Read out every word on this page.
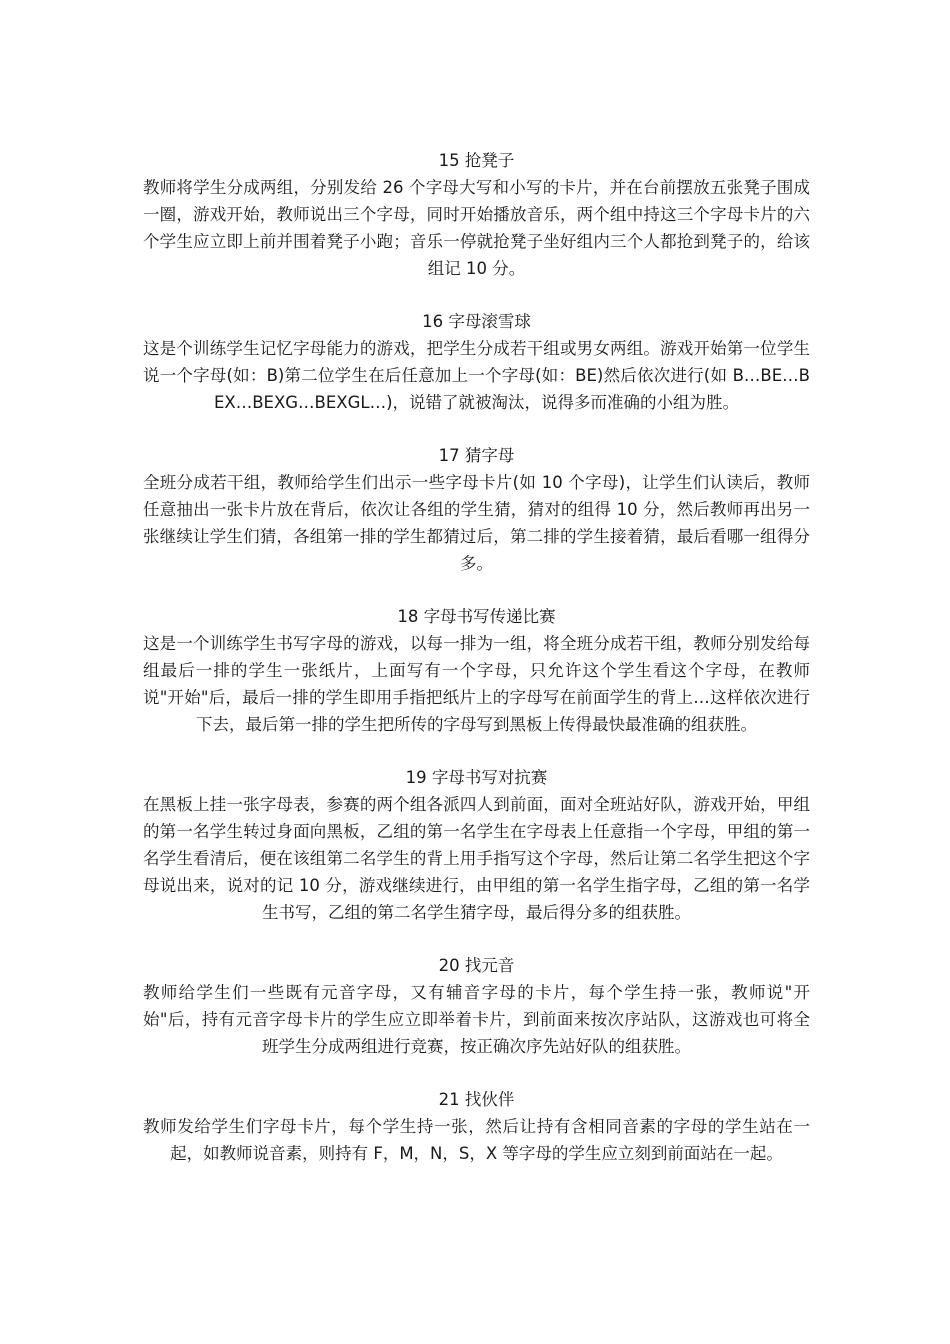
15 抢凳子

教师将学生分成两组，分别发给 26 个字母大写和小写的卡片，并在台前摆放五张凳子围成一圈，游戏开始，教师说出三个字母，同时开始播放音乐，两个组中持这三个字母卡片的六个学生应立即上前并围着凳子小跑；音乐一停就抢凳子坐好组内三个人都抢到凳子的，给该组记 10 分。

16 字母滚雪球

这是个训练学生记忆字母能力的游戏，把学生分成若干组或男女两组。游戏开始第一位学生说一个字母(如：B)第二位学生在后任意加上一个字母(如：BE)然后依次进行(如 B…BE…BEX…BEXG…BEXGL…)，说错了就被淘汰，说得多而准确的小组为胜。

17 猜字母

全班分成若干组，教师给学生们出示一些字母卡片(如 10 个字母)，让学生们认读后，教师任意抽出一张卡片放在背后，依次让各组的学生猜，猜对的组得 10 分，然后教师再出另一张继续让学生们猜，各组第一排的学生都猜过后，第二排的学生接着猜，最后看哪一组得分多。

18 字母书写传递比赛

这是一个训练学生书写字母的游戏，以每一排为一组，将全班分成若干组，教师分别发给每组最后一排的学生一张纸片，上面写有一个字母，只允许这个学生看这个字母，在教师说"开始"后，最后一排的学生即用手指把纸片上的字母写在前面学生的背上…这样依次进行下去，最后第一排的学生把所传的字母写到黑板上传得最快最准确的组获胜。

19 字母书写对抗赛

在黑板上挂一张字母表，参赛的两个组各派四人到前面，面对全班站好队，游戏开始，甲组的第一名学生转过身面向黑板，乙组的第一名学生在字母表上任意指一个字母，甲组的第一名学生看清后，便在该组第二名学生的背上用手指写这个字母，然后让第二名学生把这个字母说出来，说对的记 10 分，游戏继续进行，由甲组的第一名学生指字母，乙组的第一名学生书写，乙组的第二名学生猜字母，最后得分多的组获胜。

20 找元音

教师给学生们一些既有元音字母，又有辅音字母的卡片，每个学生持一张，教师说"开始"后，持有元音字母卡片的学生应立即举着卡片，到前面来按次序站队，这游戏也可将全班学生分成两组进行竞赛，按正确次序先站好队的组获胜。

21 找伙伴

教师发给学生们字母卡片，每个学生持一张，然后让持有含相同音素的字母的学生站在一起，如教师说音素，则持有 F，M，N，S，X 等字母的学生应立刻到前面站在一起。
